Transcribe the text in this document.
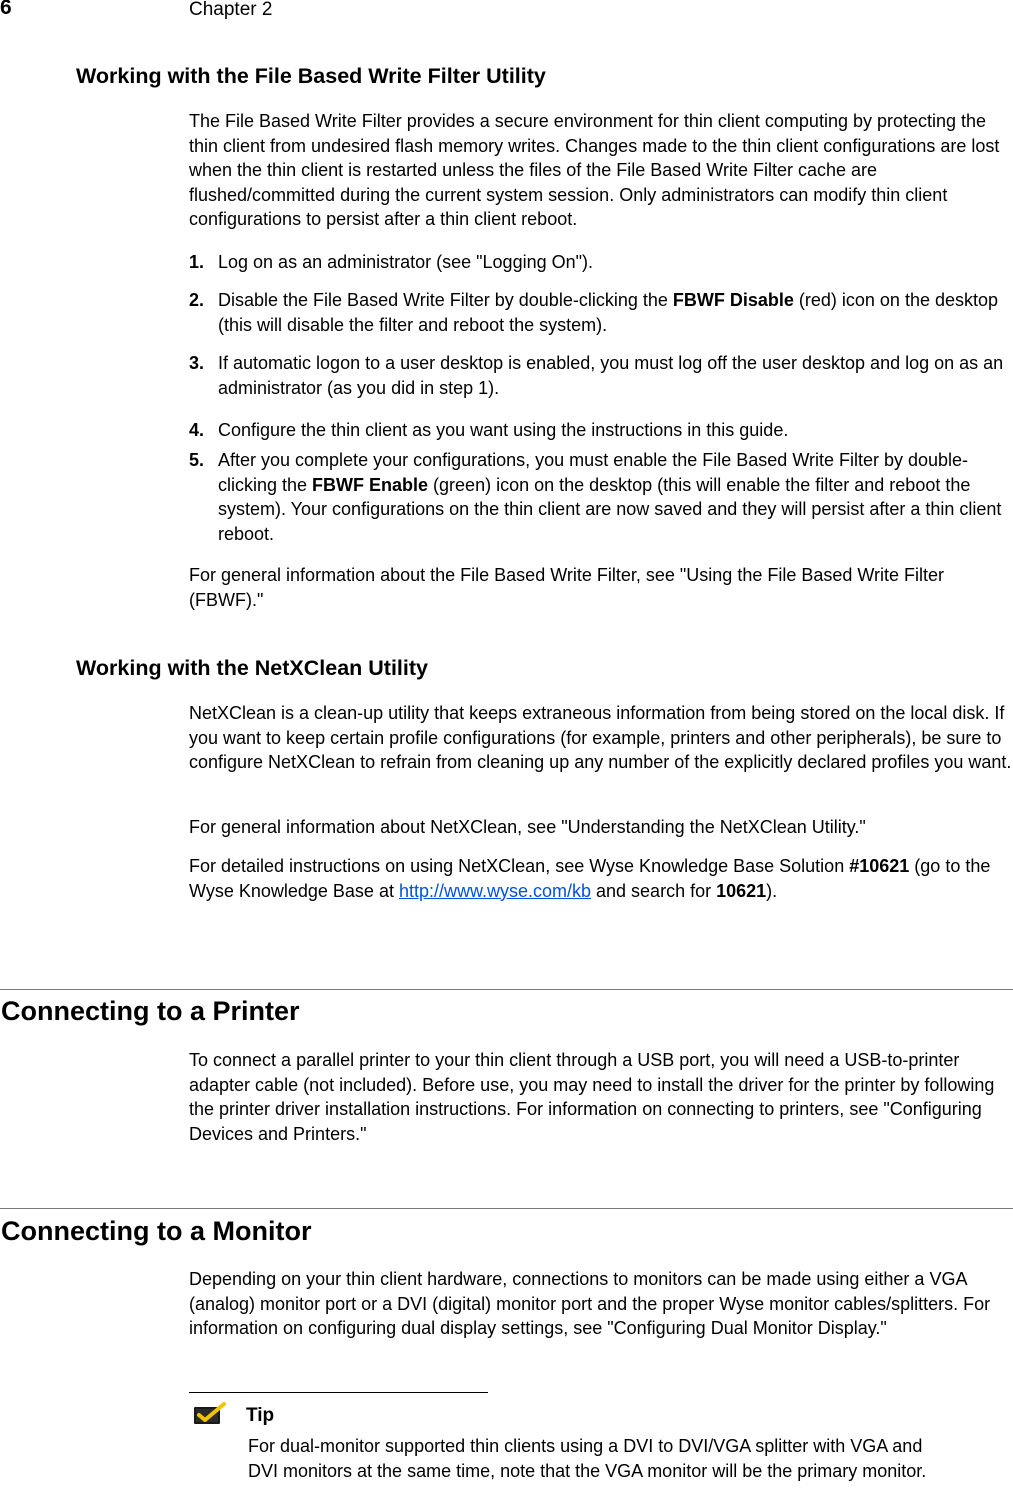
6	Chapter 2
Working with the File Based Write Filter Utility
The File Based Write Filter provides a secure environment for thin client computing by protecting the thin client from undesired flash memory writes. Changes made to the thin client configurations are lost when the thin client is restarted unless the files of the File Based Write Filter cache are flushed/committed during the current system session. Only administrators can modify thin client configurations to persist after a thin client reboot.
1. Log on as an administrator (see "Logging On").
2. Disable the File Based Write Filter by double-clicking the FBWF Disable (red) icon on the desktop (this will disable the filter and reboot the system).
3. If automatic logon to a user desktop is enabled, you must log off the user desktop and log on as an administrator (as you did in step 1).
4. Configure the thin client as you want using the instructions in this guide.
5. After you complete your configurations, you must enable the File Based Write Filter by double-clicking the FBWF Enable (green) icon on the desktop (this will enable the filter and reboot the system). Your configurations on the thin client are now saved and they will persist after a thin client reboot.
For general information about the File Based Write Filter, see "Using the File Based Write Filter (FBWF)."
Working with the NetXClean Utility
NetXClean is a clean-up utility that keeps extraneous information from being stored on the local disk. If you want to keep certain profile configurations (for example, printers and other peripherals), be sure to configure NetXClean to refrain from cleaning up any number of the explicitly declared profiles you want.
For general information about NetXClean, see "Understanding the NetXClean Utility."
For detailed instructions on using NetXClean, see Wyse Knowledge Base Solution #10621 (go to the Wyse Knowledge Base at http://www.wyse.com/kb and search for 10621).
Connecting to a Printer
To connect a parallel printer to your thin client through a USB port, you will need a USB-to-printer adapter cable (not included). Before use, you may need to install the driver for the printer by following the printer driver installation instructions. For information on connecting to printers, see "Configuring Devices and Printers."
Connecting to a Monitor
Depending on your thin client hardware, connections to monitors can be made using either a VGA (analog) monitor port or a DVI (digital) monitor port and the proper Wyse monitor cables/splitters. For information on configuring dual display settings, see "Configuring Dual Monitor Display."
Tip
For dual-monitor supported thin clients using a DVI to DVI/VGA splitter with VGA and DVI monitors at the same time, note that the VGA monitor will be the primary monitor.
